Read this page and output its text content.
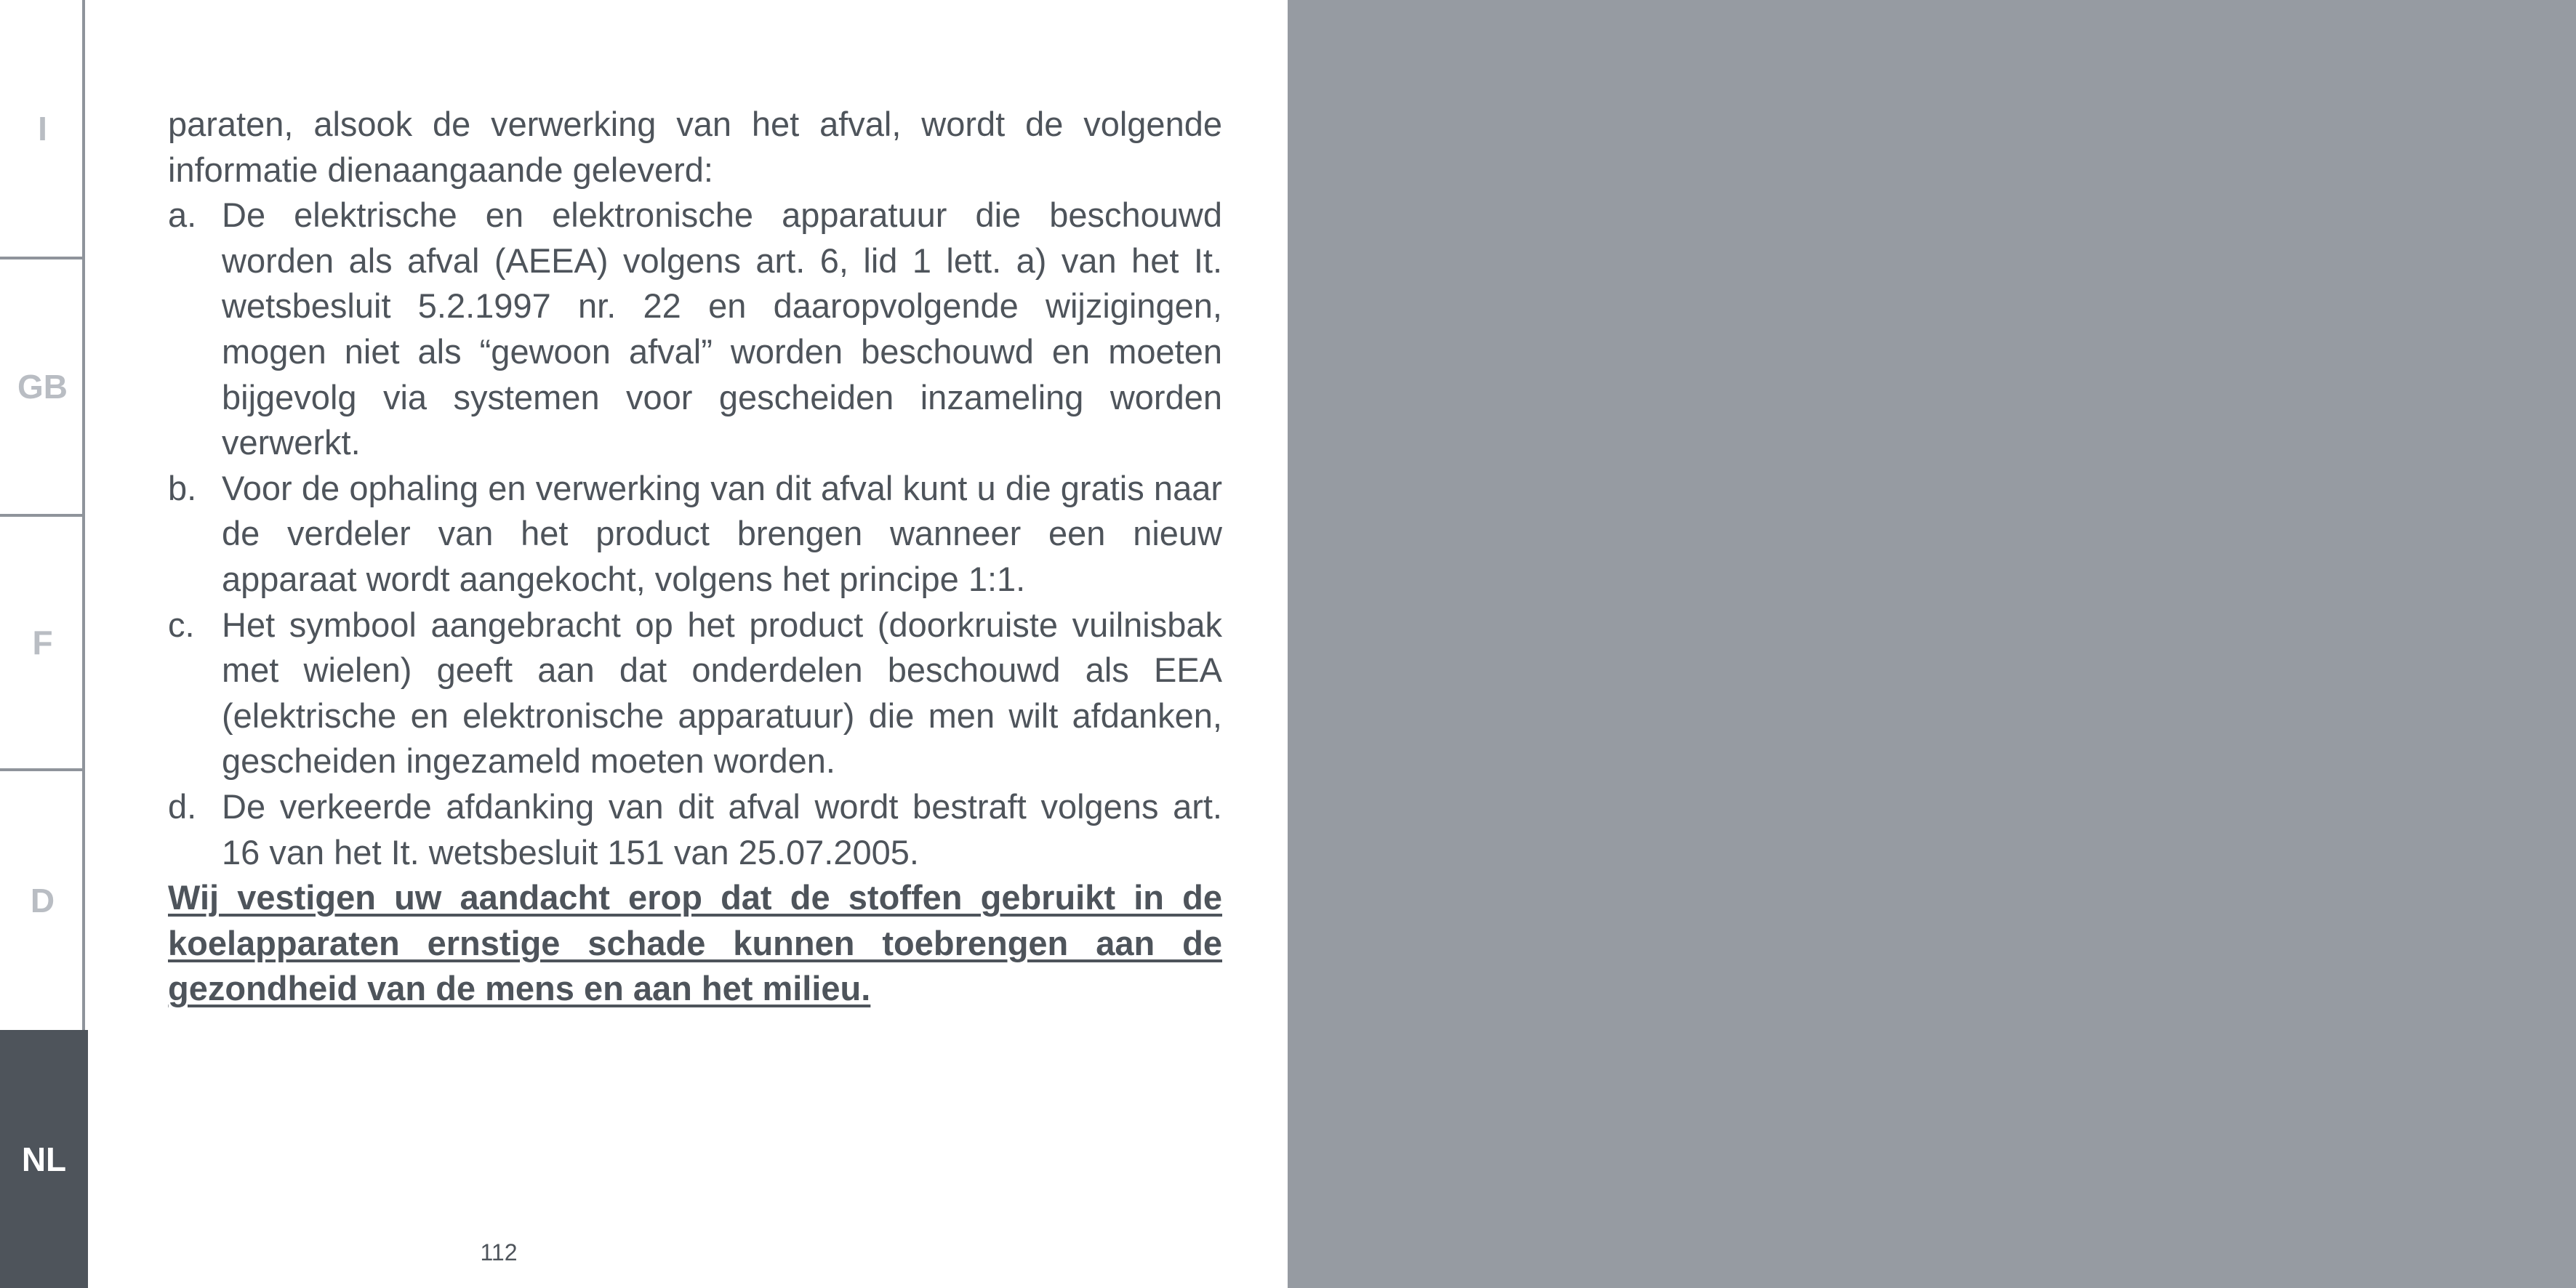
I
GB
F
D
NL

paraten, alsook de verwerking van het afval, wordt de volgende informatie dienaangaande geleverd:

a. De elektrische en elektronische apparatuur die beschouwd worden als afval (AEEA) volgens art. 6, lid 1 lett. a) van het It. wetsbesluit 5.2.1997 nr. 22 en daaropvolgende wijzigingen, mogen niet als “gewoon afval” worden beschouwd en moeten bijgevolg via systemen voor gescheiden inzameling worden verwerkt.
b. Voor de ophaling en verwerking van dit afval kunt u die gratis naar de verdeler van het product brengen wanneer een nieuw apparaat wordt aangekocht, volgens het principe 1:1.
c. Het symbool aangebracht op het product (doorkruiste vuilnisbak met wielen) geeft aan dat onderdelen beschouwd als EEA (elektrische en elektronische apparatuur) die men wilt afdanken, gescheiden ingezameld moeten worden.
d. De verkeerde afdanking van dit afval wordt bestraft volgens art. 16 van het It. wetsbesluit 151 van 25.07.2005.

Wij vestigen uw aandacht erop dat de stoffen gebruikt in de koelapparaten ernstige schade kunnen toebrengen aan de gezondheid van de mens en aan het milieu.

112
